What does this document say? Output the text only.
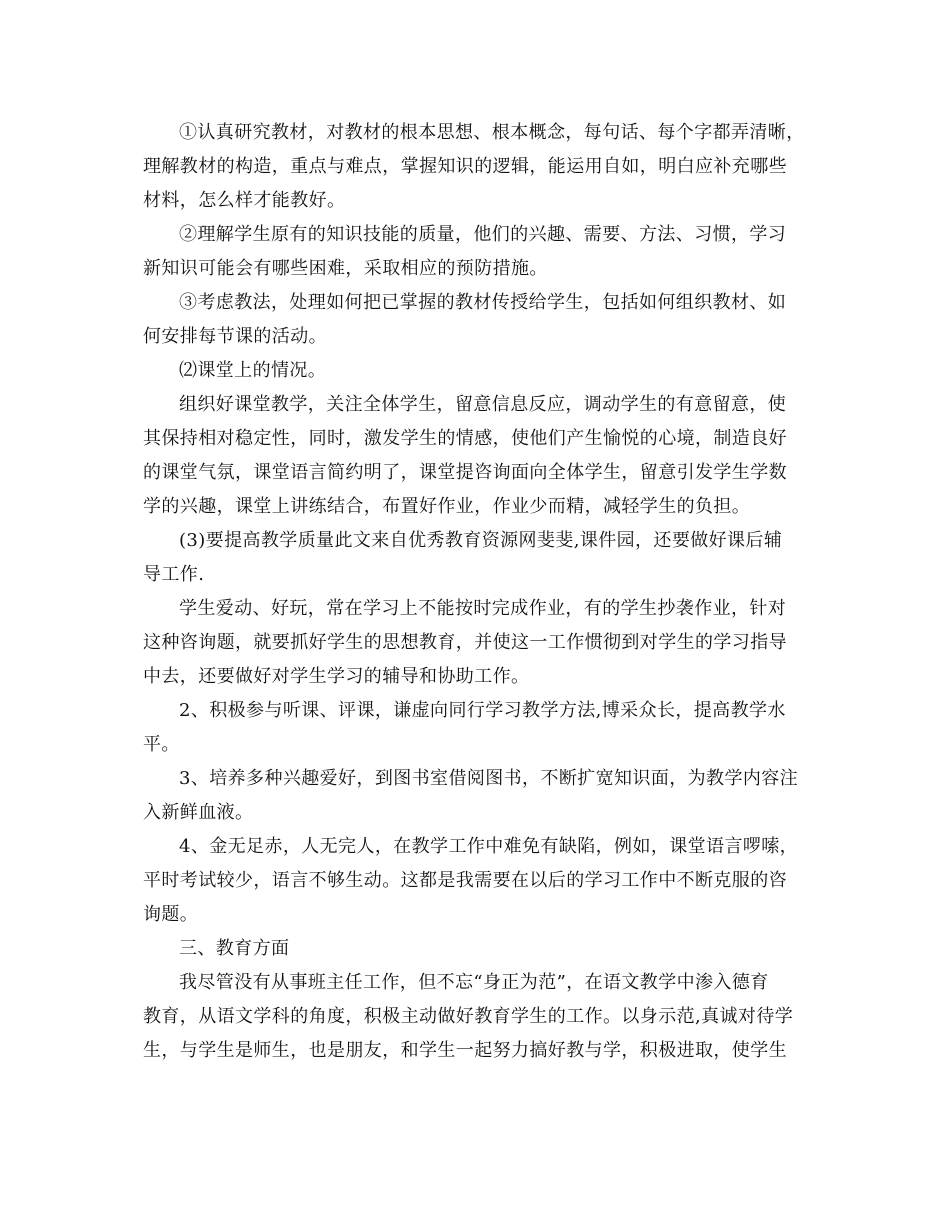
①认真研究教材，对教材的根本思想、根本概念，每句话、每个字都弄清晰，
理解教材的构造，重点与难点，掌握知识的逻辑，能运用自如，明白应补充哪些
材料，怎么样才能教好。
②理解学生原有的知识技能的质量，他们的兴趣、需要、方法、习惯，学习
新知识可能会有哪些困难，采取相应的预防措施。
③考虑教法，处理如何把已掌握的教材传授给学生，包括如何组织教材、如
何安排每节课的活动。
⑵课堂上的情况。
组织好课堂教学，关注全体学生，留意信息反应，调动学生的有意留意，使
其保持相对稳定性，同时，激发学生的情感，使他们产生愉悦的心境，制造良好
的课堂气氛，课堂语言简约明了，课堂提咨询面向全体学生，留意引发学生学数
学的兴趣，课堂上讲练结合，布置好作业，作业少而精，减轻学生的负担。
(3)要提高教学质量此文来自优秀教育资源网斐斐,课件园，还要做好课后辅
导工作.
学生爱动、好玩，常在学习上不能按时完成作业，有的学生抄袭作业，针对
这种咨询题，就要抓好学生的思想教育，并使这一工作惯彻到对学生的学习指导
中去，还要做好对学生学习的辅导和协助工作。
2、积极参与听课、评课，谦虚向同行学习教学方法,博采众长，提高教学水
平。
3、培养多种兴趣爱好，到图书室借阅图书，不断扩宽知识面，为教学内容注
入新鲜血液。
4、金无足赤，人无完人，在教学工作中难免有缺陷，例如，课堂语言啰嗦，
平时考试较少，语言不够生动。这都是我需要在以后的学习工作中不断克服的咨
询题。
三、教育方面
我尽管没有从事班主任工作，但不忘“身正为范”，在语文教学中渗入德育
教育，从语文学科的角度，积极主动做好教育学生的工作。以身示范,真诚对待学
生，与学生是师生，也是朋友，和学生一起努力搞好教与学，积极进取，使学生
